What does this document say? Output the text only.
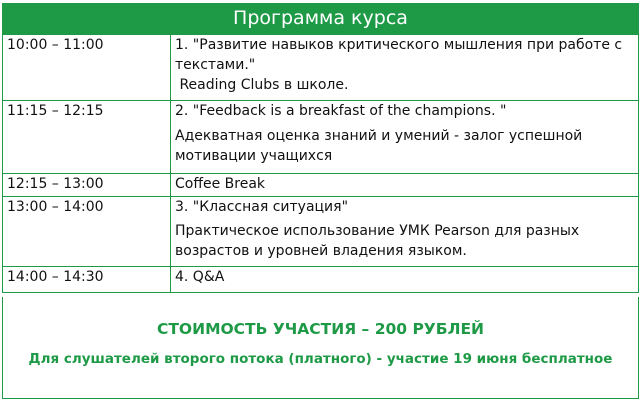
Программа курса
10:00 – 11:00	1. "Развитие навыков критического мышления при работе с
текстами."
Reading Clubs в школе.

11:15 – 12:15	2. "Feedback is a breakfast of the champions. "
Адекватная оценка знаний и умений - залог успешной
мотивации учащихся

12:15 – 13:00	Coffee Break

13:00 – 14:00	3. "Классная ситуация"
Практическое использование УМК Pearson для разных
возрастов и уровней владения языком.

14:00 – 14:30	4. Q&A
СТОИМОСТЬ УЧАСТИЯ – 200 РУБЛЕЙ
Для слушателей второго потока (платного) - участие 19 июня бесплатное
